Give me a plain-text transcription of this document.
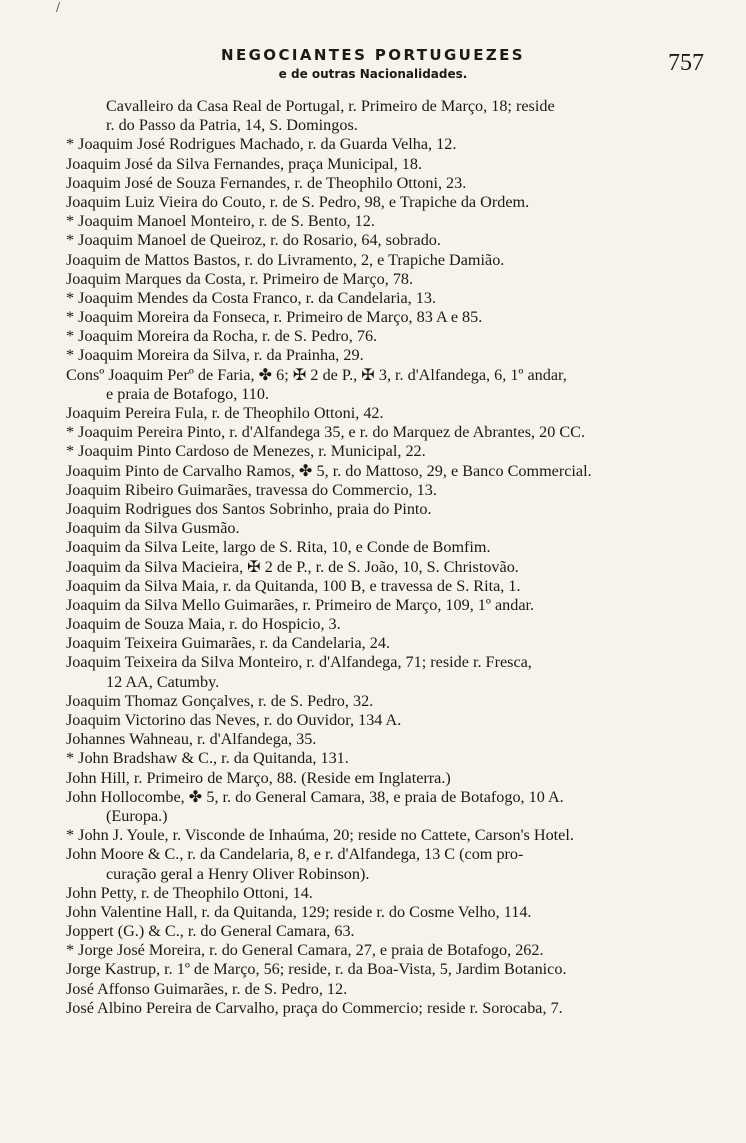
/
NEGOCIANTES PORTUGUEZES
e de outras Nacionalidades.	757
Cavalleiro da Casa Real de Portugal, r. Primeiro de Março, 18; reside
r. do Passo da Patria, 14, S. Domingos.
* Joaquim José Rodrigues Machado, r. da Guarda Velha, 12.
Joaquim José da Silva Fernandes, praça Municipal, 18.
Joaquim José de Souza Fernandes, r. de Theophilo Ottoni, 23.
Joaquim Luiz Vieira do Couto, r. de S. Pedro, 98, e Trapiche da Ordem.
* Joaquim Manoel Monteiro, r. de S. Bento, 12.
* Joaquim Manoel de Queiroz, r. do Rosario, 64, sobrado.
Joaquim de Mattos Bastos, r. do Livramento, 2, e Trapiche Damião.
Joaquim Marques da Costa, r. Primeiro de Março, 78.
* Joaquim Mendes da Costa Franco, r. da Candelaria, 13.
* Joaquim Moreira da Fonseca, r. Primeiro de Março, 83 A e 85.
* Joaquim Moreira da Rocha, r. de S. Pedro, 76.
* Joaquim Moreira da Silva, r. da Prainha, 29.
Consº Joaquim Perº de Faria, ✤ 6; ✠ 2 de P., ✠ 3, r. d'Alfandega, 6, 1º andar,
e praia de Botafogo, 110.
Joaquim Pereira Fula, r. de Theophilo Ottoni, 42.
* Joaquim Pereira Pinto, r. d'Alfandega 35, e r. do Marquez de Abrantes, 20 CC.
* Joaquim Pinto Cardoso de Menezes, r. Municipal, 22.
Joaquim Pinto de Carvalho Ramos, ✤ 5, r. do Mattoso, 29, e Banco Commercial.
Joaquim Ribeiro Guimarães, travessa do Commercio, 13.
Joaquim Rodrigues dos Santos Sobrinho, praia do Pinto.
Joaquim da Silva Gusmão.
Joaquim da Silva Leite, largo de S. Rita, 10, e Conde de Bomfim.
Joaquim da Silva Macieira, ✠ 2 de P., r. de S. João, 10, S. Christovão.
Joaquim da Silva Maia, r. da Quitanda, 100 B, e travessa de S. Rita, 1.
Joaquim da Silva Mello Guimarães, r. Primeiro de Março, 109, 1º andar.
Joaquim de Souza Maia, r. do Hospicio, 3.
Joaquim Teixeira Guimarães, r. da Candelaria, 24.
Joaquim Teixeira da Silva Monteiro, r. d'Alfandega, 71; reside r. Fresca,
12 AA, Catumby.
Joaquim Thomaz Gonçalves, r. de S. Pedro, 32.
Joaquim Victorino das Neves, r. do Ouvidor, 134 A.
Johannes Wahneau, r. d'Alfandega, 35.
* John Bradshaw & C., r. da Quitanda, 131.
John Hill, r. Primeiro de Março, 88. (Reside em Inglaterra.)
John Hollocombe, ✤ 5, r. do General Camara, 38, e praia de Botafogo, 10 A.
(Europa.)
* John J. Youle, r. Visconde de Inhaúma, 20; reside no Cattete, Carson's Hotel.
John Moore & C., r. da Candelaria, 8, e r. d'Alfandega, 13 C (com pro-
curação geral a Henry Oliver Robinson).
John Petty, r. de Theophilo Ottoni, 14.
John Valentine Hall, r. da Quitanda, 129; reside r. do Cosme Velho, 114.
Joppert (G.) & C., r. do General Camara, 63.
* Jorge José Moreira, r. do General Camara, 27, e praia de Botafogo, 262.
Jorge Kastrup, r. 1º de Março, 56; reside, r. da Boa-Vista, 5, Jardim Botanico.
José Affonso Guimarães, r. de S. Pedro, 12.
José Albino Pereira de Carvalho, praça do Commercio; reside r. Sorocaba, 7.
